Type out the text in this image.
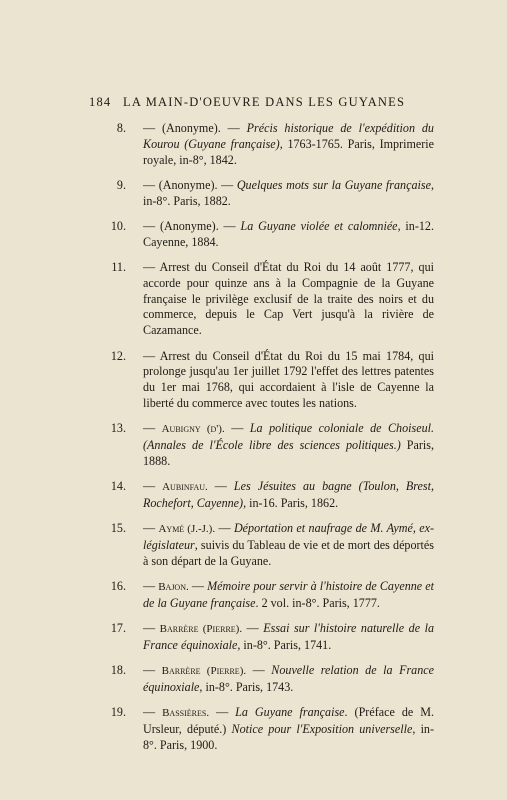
184 LA MAIN-D'OEUVRE DANS LES GUYANES
8. — (Anonyme). — Précis historique de l'expédition du Kourou (Guyane française), 1763-1765. Paris, Imprimerie royale, in-8°, 1842.
9. — (Anonyme). — Quelques mots sur la Guyane française, in-8°. Paris, 1882.
10. — (Anonyme). — La Guyane violée et calomniée, in-12. Cayenne, 1884.
11. — Arrest du Conseil d'État du Roi du 14 août 1777, qui accorde pour quinze ans à la Compagnie de la Guyane française le privilège exclusif de la traite des noirs et du commerce, depuis le Cap Vert jusqu'à la rivière de Cazamance.
12. — Arrest du Conseil d'État du Roi du 15 mai 1784, qui prolonge jusqu'au 1er juillet 1792 l'effet des lettres patentes du 1er mai 1768, qui accordaient à l'isle de Cayenne la liberté du commerce avec toutes les nations.
13. — Aubigny (d'). — La politique coloniale de Choiseul. (Annales de l'École libre des sciences politiques.) Paris, 1888.
14. — Aubinfau. — Les Jésuites au bagne (Toulon, Brest, Rochefort, Cayenne), in-16. Paris, 1862.
15. — Aymé (J.-J.). — Déportation et naufrage de M. Aymé, ex-législateur, suivis du Tableau de vie et de mort des déportés à son départ de la Guyane.
16. — Bajon. — Mémoire pour servir à l'histoire de Cayenne et de la Guyane française. 2 vol. in-8°. Paris, 1777.
17. — Barrère (Pierre). — Essai sur l'histoire naturelle de la France équinoxiale, in-8°. Paris, 1741.
18. — Barrère (Pierre). — Nouvelle relation de la France équinoxiale, in-8°. Paris, 1743.
19. — Bassières. — La Guyane française. (Préface de M. Ursleur, député.) Notice pour l'Exposition universelle, in-8°. Paris, 1900.
